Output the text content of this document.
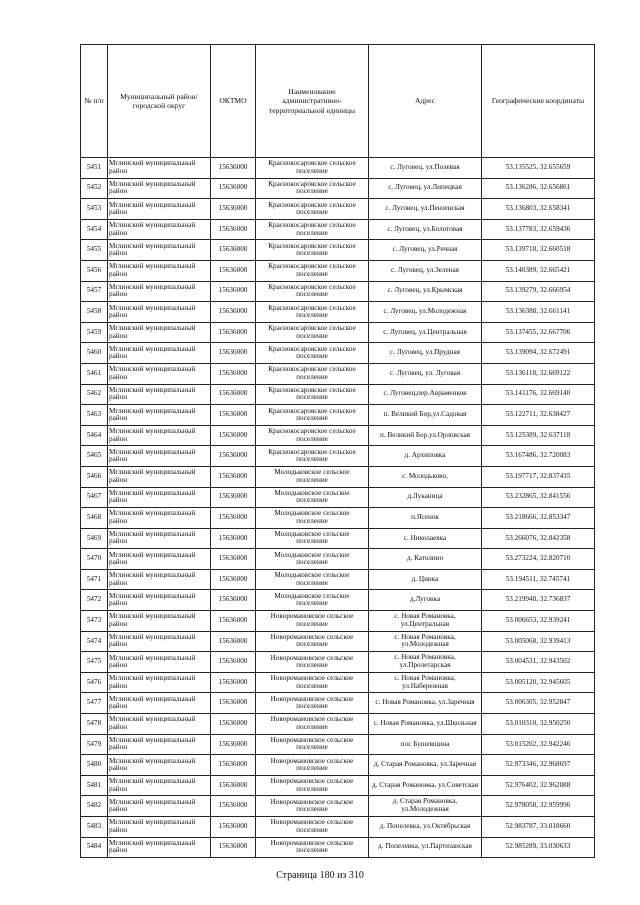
№ п/п	Муниципальный район/городской округ	ОКТМО	Наименование административно-территориальной единицы	Адрес	Географические координаты
5451	Мглинский муниципальный район	15636000	Краснокосаровское сельское поселение	с. Луговец, ул.Полевая	53.135525, 32.655659
5452	Мглинский муниципальный район	15636000	Краснокосаровское сельское поселение	с. Луговец, ул.Липецкая	53.136286, 32.656861
5453	Мглинский муниципальный район	15636000	Краснокосаровское сельское поселение	с. Луговец, ул.Пензенская	53.136803, 32.658341
5454	Мглинский муниципальный район	15636000	Краснокосаровское сельское поселение	с. Луговец, ул.Болотовая	53.137783, 32.659436
5455	Мглинский муниципальный район	15636000	Краснокосаровское сельское поселение	с. Луговец, ул.Речная	53.139718, 32.660518
5456	Мглинский муниципальный район	15636000	Краснокосаровское сельское поселение	с. Луговец, ул.Зеленая	53.140389, 32.665421
5457	Мглинский муниципальный район	15636000	Краснокосаровское сельское поселение	с. Луговец, ул.Крымская	53.139279, 32.666954
5458	Мглинский муниципальный район	15636000	Краснокосаровское сельское поселение	с. Луговец, ул.Молодежная	53.136388, 32.661141
5459	Мглинский муниципальный район	15636000	Краснокосаровское сельское поселение	с. Луговец, ул.Центральная	53.137455, 32.667706
5460	Мглинский муниципальный район	15636000	Краснокосаровское сельское поселение	с. Луговец, ул.Прудная	53.139094, 32.672491
5461	Мглинский муниципальный район	15636000	Краснокосаровское сельское поселение	с. Луговец, ул. Луговая	53.136118, 32.669122
5462	Мглинский муниципальный район	15636000	Краснокосаровское сельское поселение	с. Луговец,пер.Авраменков	53.141176, 32.669140
5463	Мглинский муниципальный район	15636000	Краснокосаровское сельское поселение	п. Великий Бор,ул.Садовая	53.122711, 32.638427
5464	Мглинский муниципальный район	15636000	Краснокосаровское сельское поселение	п. Великий Бор,ул.Орловская	53.125389, 32.637118
5465	Мглинский муниципальный район	15636000	Краснокосаровское сельское поселение	д. Архиповка	53.167486, 32.720083
5466	Мглинский муниципальный район	15636000	Молодьковское сельское поселение	с. Молодьково,	53.197717, 32.837435
5467	Мглинский муниципальный район	15636000	Молодьковское сельское поселение	д.Луканица	53.232865, 32.841556
5468	Мглинский муниципальный район	15636000	Молодьковское сельское поселение	п.Ясенок	53.218666, 32.853347
5469	Мглинский муниципальный район	15636000	Молодьковское сельское поселение	с. Николаевка	53.266076, 32.842358
5470	Мглинский муниципальный район	15636000	Молодьковское сельское поселение	д. Католино	53.273224, 32.820710
5471	Мглинский муниципальный район	15636000	Молодьковское сельское поселение	д. Цинка	53.194511, 32.745741
5472	Мглинский муниципальный район	15636000	Молодьковское сельское поселение	д.Луговка	53.219948, 32.736837
5473	Мглинский муниципальный район	15636000	Новоромановское сельское поселение	с. Новая Романовка, ул.Центральная	53.006653, 32.939241
5474	Мглинский муниципальный район	15636000	Новоромановское сельское поселение	с. Новая Романовка, ул.Молодежная	53.005068, 32.939413
5475	Мглинский муниципальный район	15636000	Новоромановское сельское поселение	с. Новая Романовка, ул.Пролетарская	53.004531, 32.943502
5476	Мглинский муниципальный район	15636000	Новоромановское сельское поселение	с. Новая Романовка, ул.Набережная	53.005120, 32.945605
5477	Мглинский муниципальный район	15636000	Новоромановское сельское поселение	с. Новая Романовка, ул.Заречная	53.006305, 32.952847
5478	Мглинский муниципальный район	15636000	Новоромановское сельское поселение	с. Новая Романовка, ул.Школьная	53.010310, 32.950250
5479	Мглинский муниципальный район	15636000	Новоромановское сельское поселение	пос Бушевщина	53.015202, 32.942246
5480	Мглинский муниципальный район	15636000	Новоромановское сельское поселение	д. Старая Романовка, ул.Заречная	52.973346, 32.968697
5481	Мглинский муниципальный район	15636000	Новоромановское сельское поселение	д. Старая Романовка, ул.Советская	52.976402, 32.962088
5482	Мглинский муниципальный район	15636000	Новоромановское сельское поселение	д. Старая Романовка, ул.Молодежная	52.978058, 32.959996
5483	Мглинский муниципальный район	15636000	Новоромановское сельское поселение	д. Попелевка, ул.Октябрьская	52.983787, 33.018660
5484	Мглинский муниципальный район	15636000	Новоромановское сельское поселение	д. Попелевка, ул.Партизанская	52.985289, 33.030633
Страница 180 из 310
